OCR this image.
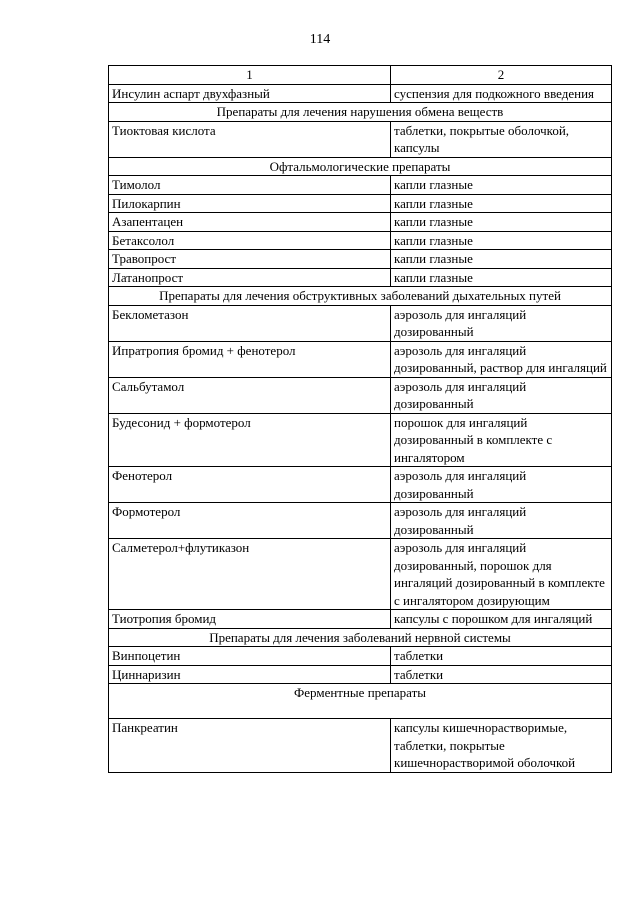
114
1	2
Инсулин аспарт двухфазный	суспензия для подкожного введения
Препараты для лечения нарушения обмена веществ	
Тиоктовая кислота	таблетки, покрытые оболочкой, капсулы
Офтальмологические препараты	
Тимолол	капли глазные
Пилокарпин	капли глазные
Азапентацен	капли глазные
Бетаксолол	капли глазные
Травопрост	капли глазные
Латанопрост	капли глазные
Препараты для лечения обструктивных заболеваний дыхательных путей	
Беклометазон	аэрозоль для ингаляций дозированный
Ипратропия бромид + фенотерол	аэрозоль для ингаляций дозированный, раствор для ингаляций
Сальбутамол	аэрозоль для ингаляций дозированный
Будесонид + формотерол	порошок для ингаляций дозированный в комплекте с ингалятором
Фенотерол	аэрозоль для ингаляций дозированный
Формотерол	аэрозоль для ингаляций дозированный
Салметерол+флутиказон	аэрозоль для ингаляций дозированный, порошок для ингаляций дозированный в комплекте с ингалятором дозирующим
Тиотропия бромид	капсулы с порошком для ингаляций
Препараты для лечения заболеваний нервной системы	
Винпоцетин	таблетки
Циннаризин	таблетки
Ферментные препараты	
Панкреатин	капсулы кишечнорастворимые, таблетки, покрытые кишечнорастворимой оболочкой
